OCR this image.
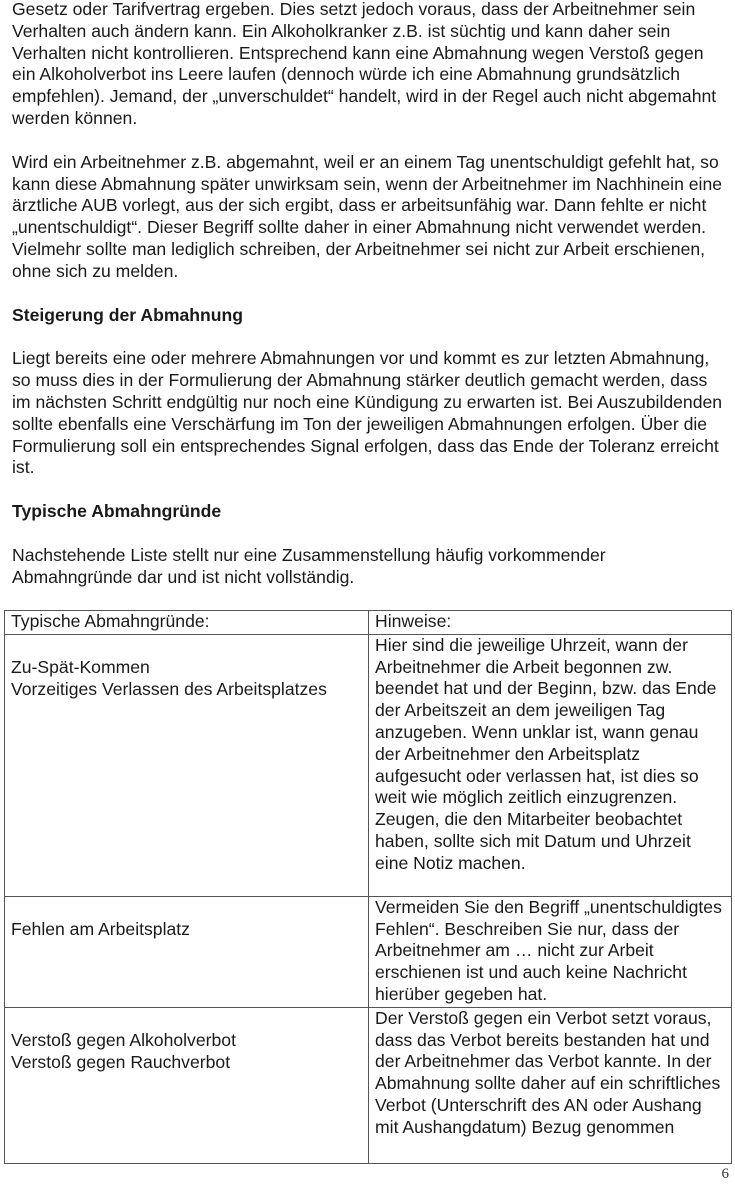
Gesetz oder Tarifvertrag ergeben. Dies setzt jedoch voraus, dass der Arbeitnehmer sein Verhalten auch ändern kann. Ein Alkoholkranker z.B. ist süchtig und kann daher sein Verhalten nicht kontrollieren. Entsprechend kann eine Abmahnung wegen Verstoß gegen ein Alkoholverbot ins Leere laufen (dennoch würde ich eine Abmahnung grundsätzlich empfehlen). Jemand, der „unverschuldet“ handelt, wird in der Regel auch nicht abgemahnt werden können.

Wird ein Arbeitnehmer z.B. abgemahnt, weil er an einem Tag unentschuldigt gefehlt hat, so kann diese Abmahnung später unwirksam sein, wenn der Arbeitnehmer im Nachhinein eine ärztliche AUB vorlegt, aus der sich ergibt, dass er arbeitsunfähig war. Dann fehlte er nicht „unentschuldigt“. Dieser Begriff sollte daher in einer Abmahnung nicht verwendet werden. Vielmehr sollte man lediglich schreiben, der Arbeitnehmer sei nicht zur Arbeit erschienen, ohne sich zu melden.

Steigerung der Abmahnung

Liegt bereits eine oder mehrere Abmahnungen vor und kommt es zur letzten Abmahnung, so muss dies in der Formulierung der Abmahnung stärker deutlich gemacht werden, dass im nächsten Schritt endgültig nur noch eine Kündigung zu erwarten ist. Bei Auszubildenden sollte ebenfalls eine Verschärfung im Ton der jeweiligen Abmahnungen erfolgen. Über die Formulierung soll ein entsprechendes Signal erfolgen, dass das Ende der Toleranz erreicht ist.

Typische Abmahngründe

Nachstehende Liste stellt nur eine Zusammenstellung häufig vorkommender Abmahngründe dar und ist nicht vollständig.

Typische Abmahngründe:	Hinweise:

Zu-Spät-Kommen
Vorzeitiges Verlassen des Arbeitsplatzes	Hier sind die jeweilige Uhrzeit, wann der Arbeitnehmer die Arbeit begonnen zw. beendet hat und der Beginn, bzw. das Ende der Arbeitszeit an dem jeweiligen Tag anzugeben. Wenn unklar ist, wann genau der Arbeitnehmer den Arbeitsplatz aufgesucht oder verlassen hat, ist dies so weit wie möglich zeitlich einzugrenzen. Zeugen, die den Mitarbeiter beobachtet haben, sollte sich mit Datum und Uhrzeit eine Notiz machen.

Fehlen am Arbeitsplatz	Vermeiden Sie den Begriff „unentschuldigtes Fehlen“. Beschreiben Sie nur, dass der Arbeitnehmer am … nicht zur Arbeit erschienen ist und auch keine Nachricht hierüber gegeben hat.

Verstoß gegen Alkoholverbot
Verstoß gegen Rauchverbot	Der Verstoß gegen ein Verbot setzt voraus, dass das Verbot bereits bestanden hat und der Arbeitnehmer das Verbot kannte. In der Abmahnung sollte daher auf ein schriftliches Verbot (Unterschrift des AN oder Aushang mit Aushangdatum) Bezug genommen
6
